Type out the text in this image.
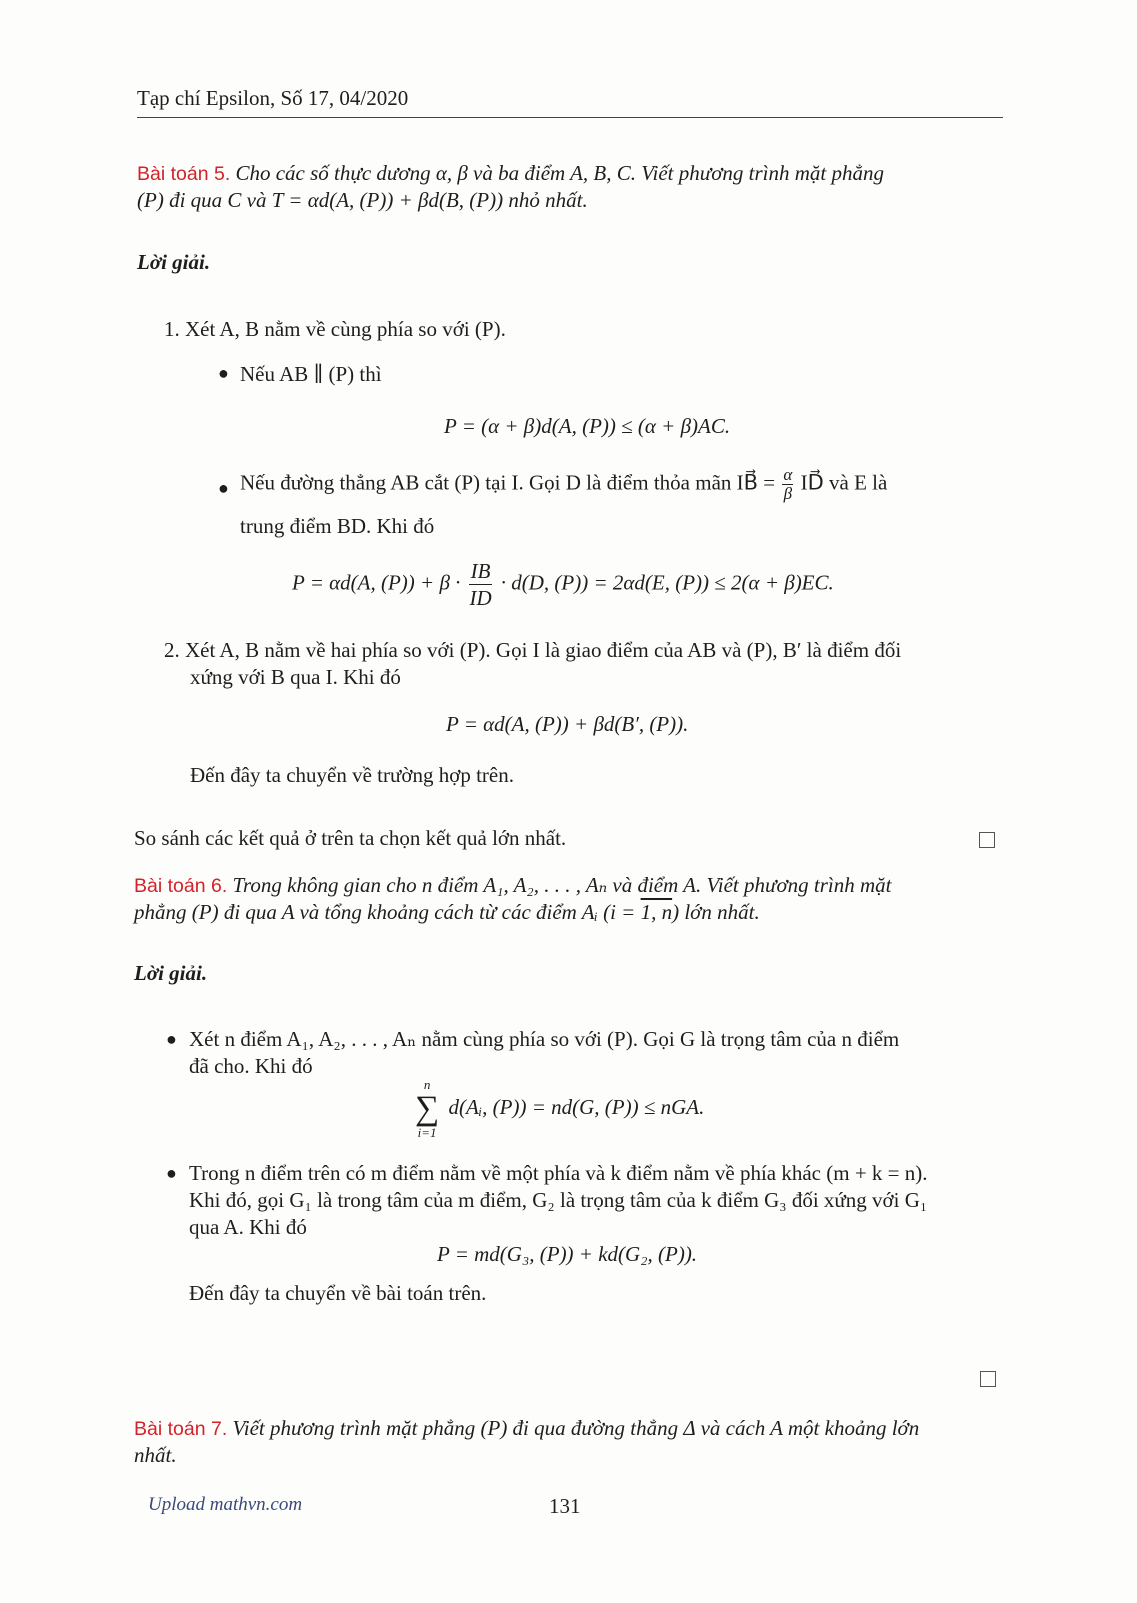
Tạp chí Epsilon, Số 17, 04/2020
Bài toán 5. Cho các số thực dương α, β và ba điểm A, B, C. Viết phương trình mặt phẳng
(P) đi qua C và T = αd(A, (P)) + βd(B, (P)) nhỏ nhất.
Lời giải.
1. Xét A, B nằm về cùng phía so với (P).
● Nếu AB ∥ (P) thì
P = (α + β)d(A, (P)) ≤ (α + β)AC.
● Nếu đường thẳng AB cắt (P) tại I. Gọi D là điểm thỏa mãn IB⃗ = $\frac{\alpha}{\beta}$ ID⃗ và E là
trung điểm BD. Khi đó
P = αd(A, $(P)) + \beta \cdot \frac{IB}{ID} \cdot d(D$, (P)) = 2αd(E, (P)) ≤ 2(α + β)EC.
2. Xét A, B nằm về hai phía so với (P). Gọi I là giao điểm của AB và (P), B′ là điểm đối
xứng với B qua I. Khi đó
P = αd(A, (P)) + βd(B′, (P)).
Đến đây ta chuyển về trường hợp trên.
So sánh các kết quả ở trên ta chọn kết quả lớn nhất.
Bài toán 6. Trong không gian cho n điểm A₁, A₂, . . . , Aₙ và điểm A. Viết phương trình mặt
phẳng (P) đi qua A và tổng khoảng cách từ các điểm Aᵢ (i = 1, n) lớn nhất.
Lời giải.
● Xét n điểm A₁, A₂, . . . , Aₙ nằm cùng phía so với (P). Gọi G là trọng tâm của n điểm
đã cho. Khi đó
n
∑
i=1
d(Aᵢ, (P)) = nd(G, (P)) ≤ nGA.
● Trong n điểm trên có m điểm nằm về một phía và k điểm nằm về phía khác (m + k = n).
Khi đó, gọi G₁ là trong tâm của m điểm, G₂ là trọng tâm của k điểm G₃ đối xứng với G₁
qua A. Khi đó
P = md(G₃, (P)) + kd(G₂, (P)).
Đến đây ta chuyển về bài toán trên.
Bài toán 7. Viết phương trình mặt phẳng (P) đi qua đường thẳng Δ và cách A một khoảng lớn
nhất.
Upload mathvn.com	131
